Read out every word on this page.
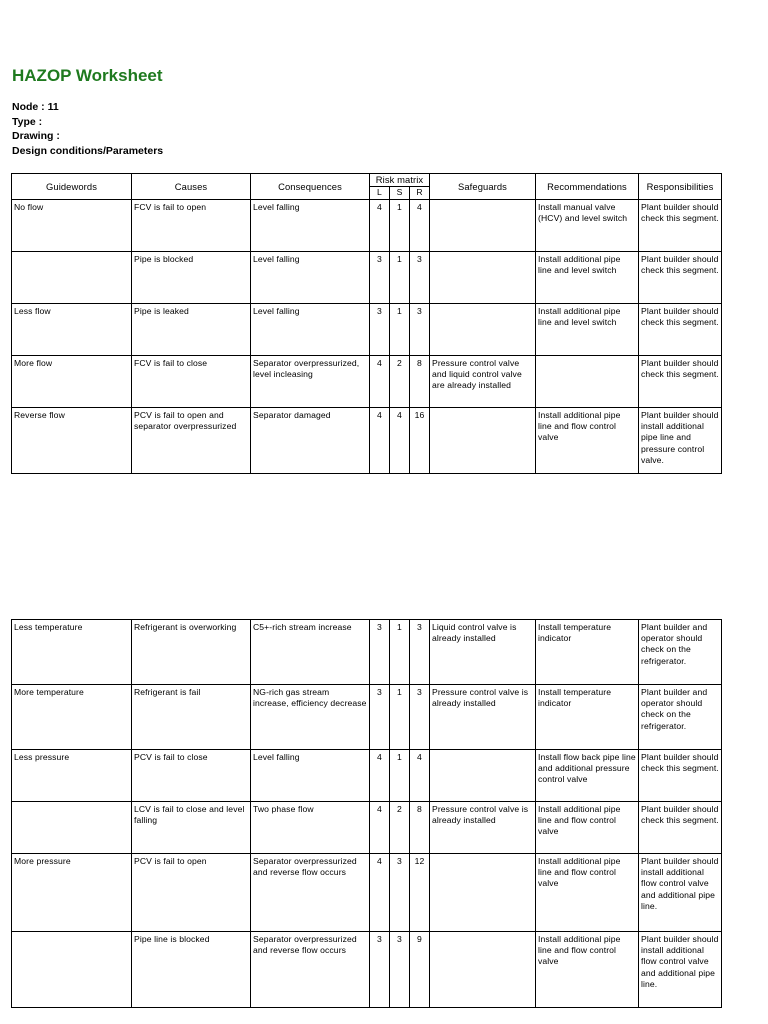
HAZOP Worksheet
Node : 11
Type :
Drawing :
Design conditions/Parameters
Guidewords	Causes	Consequences	Risk matrix			Safeguards	Recommendations	Responsibilities
			L	S	R			
No flow	FCV is fail to open	Level falling	4	1	4		Install manual valve (HCV) and level switch	Plant builder should check this segment.
	Pipe is blocked	Level falling	3	1	3		Install additional pipe line and level switch	Plant builder should check this segment.
Less flow	Pipe is leaked	Level falling	3	1	3		Install additional pipe line and level switch	Plant builder should check this segment.
More flow	FCV is fail to close	Separator overpressurized, level incleasing	4	2	8	Pressure control valve and liquid control valve are already installed		Plant builder should check this segment.
Reverse flow	PCV is fail to open and separator overpressurized	Separator damaged	4	4	16		Install additional pipe line and flow control valve	Plant builder should install additional pipe line and pressure control valve.
Less temperature	Refrigerant is overworking	C5+-rich stream increase	3	1	3	Liquid control valve is already installed	Install temperature indicator	Plant builder and operator should check on the refrigerator.
More temperature	Refrigerant is fail	NG-rich gas stream increase, efficiency decrease	3	1	3	Pressure control valve is already installed	Install temperature indicator	Plant builder and operator should check on the refrigerator.
Less pressure	PCV is fail to close	Level falling	4	1	4		Install flow back pipe line and additional pressure control valve	Plant builder should check this segment.
	LCV is fail to close and level falling	Two phase flow	4	2	8	Pressure control valve is already installed	Install additional pipe line and flow control valve	Plant builder should check this segment.
More pressure	PCV is fail to open	Separator overpressurized and reverse flow occurs	4	3	12		Install additional pipe line and flow control valve	Plant builder should install additional flow control valve and additional pipe line.
	Pipe line is blocked	Separator overpressurized and reverse flow occurs	3	3	9		Install additional pipe line and flow control valve	Plant builder should install additional flow control valve and additional pipe line.
